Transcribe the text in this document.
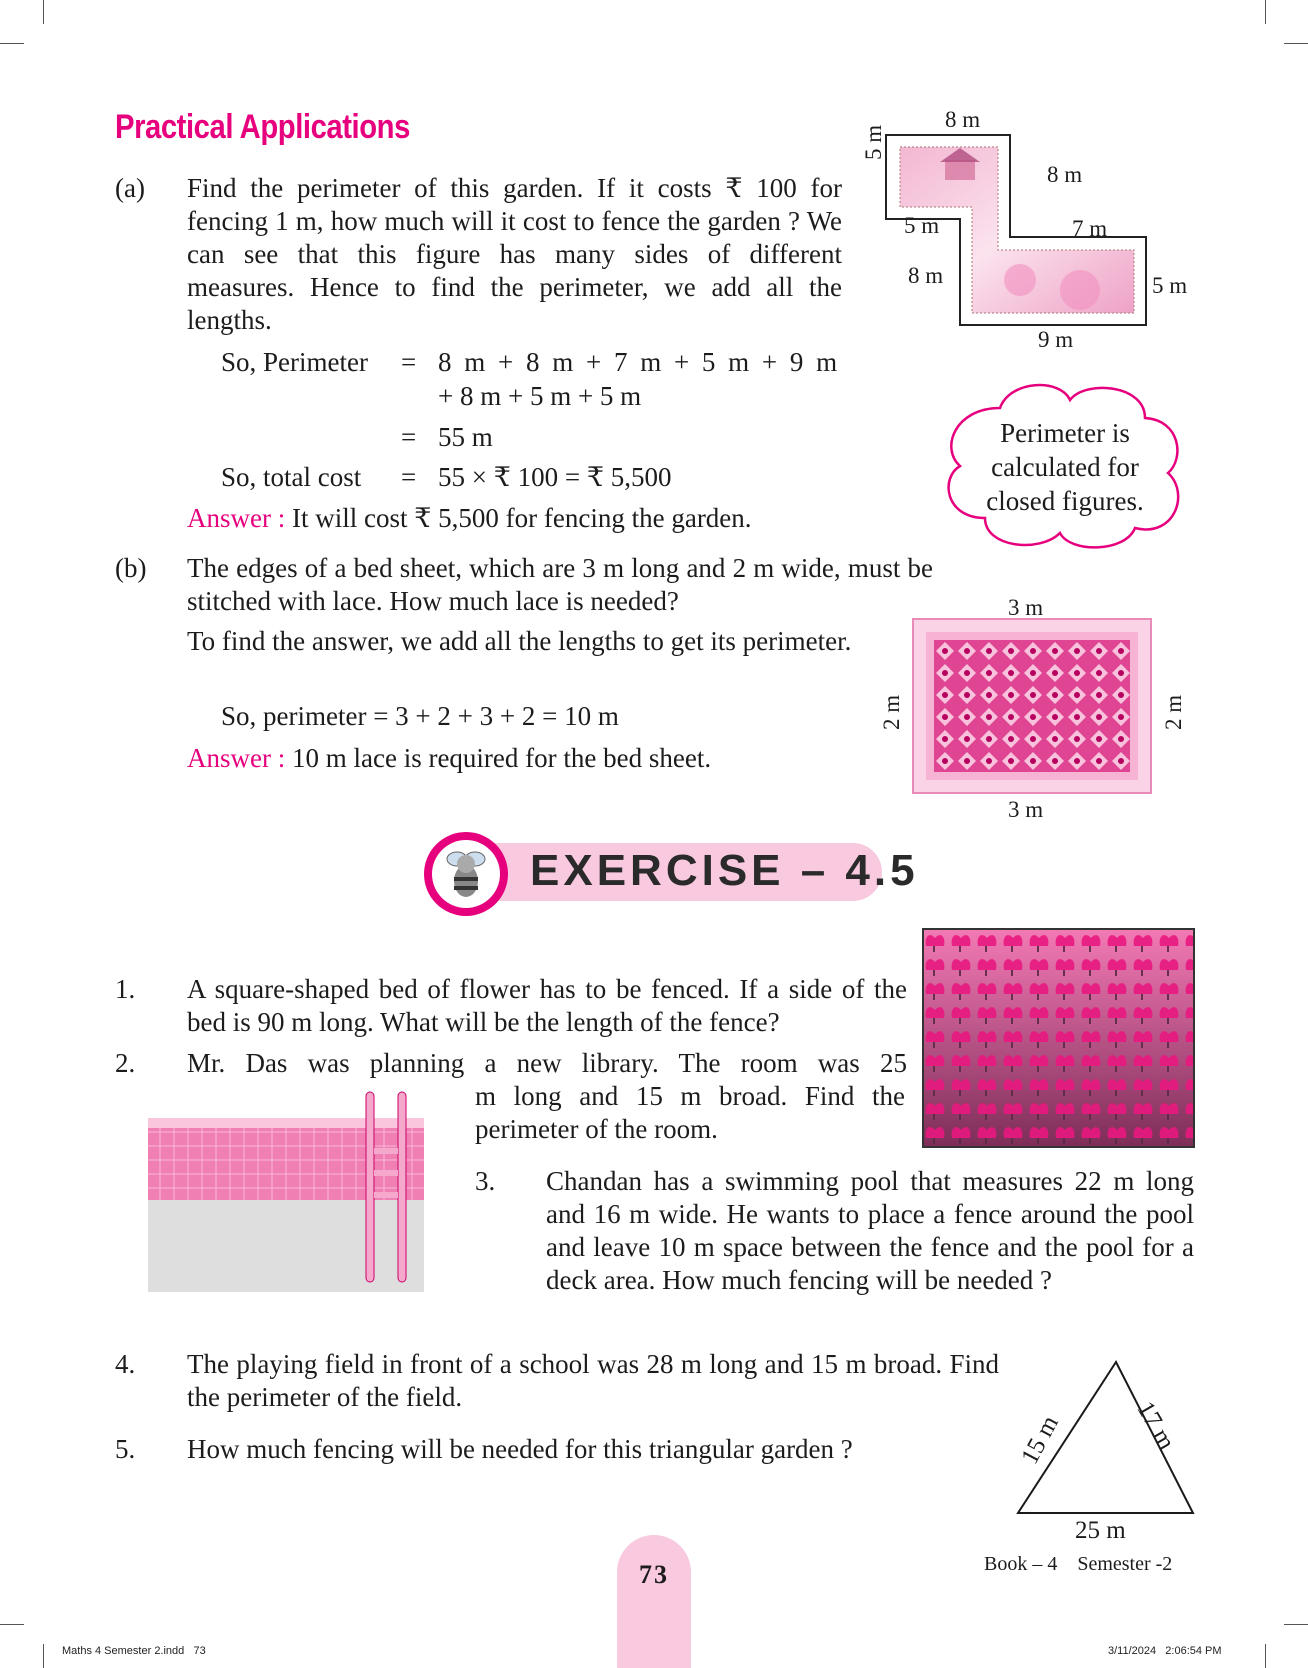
Practical Applications
(a) Find the perimeter of this garden. If it costs ₹ 100 for fencing 1 m, how much will it cost to fence the garden ? We can see that this figure has many sides of different measures. Hence to find the perimeter, we add all the lengths.
So, Perimeter = 8 m + 8 m + 7 m + 5 m + 9 m
+ 8 m + 5 m + 5 m
= 55 m
So, total cost = 55 × ₹ 100 = ₹ 5,500
Answer : It will cost ₹ 5,500 for fencing the garden.
8 m
5 m
8 m
5 m	7 m
8 m	5 m
9 m
Perimeter is
calculated for
closed figures.
(b) The edges of a bed sheet, which are 3 m long and 2 m wide, must be stitched with lace. How much lace is needed?
To find the answer, we add all the lengths to get its perimeter.
So, perimeter = 3 + 2 + 3 + 2 = 10 m
Answer : 10 m lace is required for the bed sheet.
3 m
3 m
2 m	2 m
EXERCISE – 4.5
1. A square-shaped bed of flower has to be fenced. If a side of the bed is 90 m long. What will be the length of the fence?
2. Mr. Das was planning a new library. The room was 25
m long and 15 m broad. Find the perimeter of the room.
3. Chandan has a swimming pool that measures 22 m long and 16 m wide. He wants to place a fence around the pool and leave 10 m space between the fence and the pool for a deck area. How much fencing will be needed ?
4. The playing field in front of a school was 28 m long and 15 m broad. Find the perimeter of the field.
5. How much fencing will be needed for this triangular garden ?	15 m	17 m
25 m
Book – 4    Semester -2
73
Maths 4 Semester 2.indd   73	3/11/2024   2:06:54 PM
